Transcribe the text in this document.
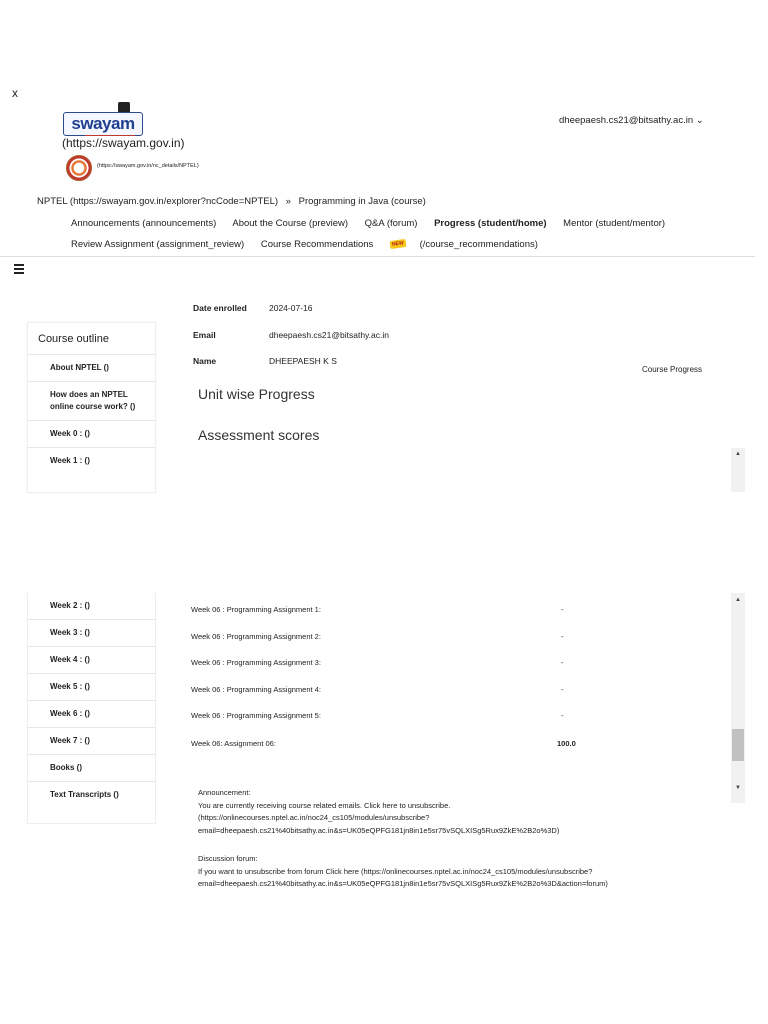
x
swayam
(https://swayam.gov.in)
(https://swayam.gov.in/nc_details/NPTEL)
dheepaesh.cs21@bitsathy.ac.in ⌄
NPTEL (https://swayam.gov.in/explorer?ncCode=NPTEL) » Programming in Java (course)
Announcements (announcements) About the Course (preview) Q&A (forum) Progress (student/home) Mentor (student/mentor)
Review Assignment (assignment_review) Course Recommendations	NEW (/course_recommendations)
Course outline
About NPTEL ()
How does an NPTEL online course work? ()
Week 0 : ()
Week 1 : ()
Week 2 : ()
Week 3 : ()
Week 4 : ()
Week 5 : ()
Week 6 : ()
Week 7 : ()
Books ()
Text Transcripts ()
Date enrolled	2024-07-16
Email	dheepaesh.cs21@bitsathy.ac.in
Name	DHEEPAESH K S
Course Progress
Unit wise Progress
Assessment scores
▲
Week 06 : Programming Assignment 1:	-
Week 06 : Programming Assignment 2:	-
Week 06 : Programming Assignment 3:	-
Week 06 : Programming Assignment 4:	-
Week 06 : Programming Assignment 5:	-
Week 06: Assignment 06:	100.0
▲
▼
Announcement:
You are currently receiving course related emails. Click here to unsubscribe.
(https://onlinecourses.nptel.ac.in/noc24_cs105/modules/unsubscribe?
email=dheepaesh.cs21%40bitsathy.ac.in&s=UK05eQPFG181jn8in1e5sr75vSQLXISg5Rux9ZkE%2B2o%3D)
Discussion forum:
If you want to unsubscribe from forum Click here (https://onlinecourses.nptel.ac.in/noc24_cs105/modules/unsubscribe?
email=dheepaesh.cs21%40bitsathy.ac.in&s=UK05eQPFG181jn8in1e5sr75vSQLXISg5Rux9ZkE%2B2o%3D&action=forum)
